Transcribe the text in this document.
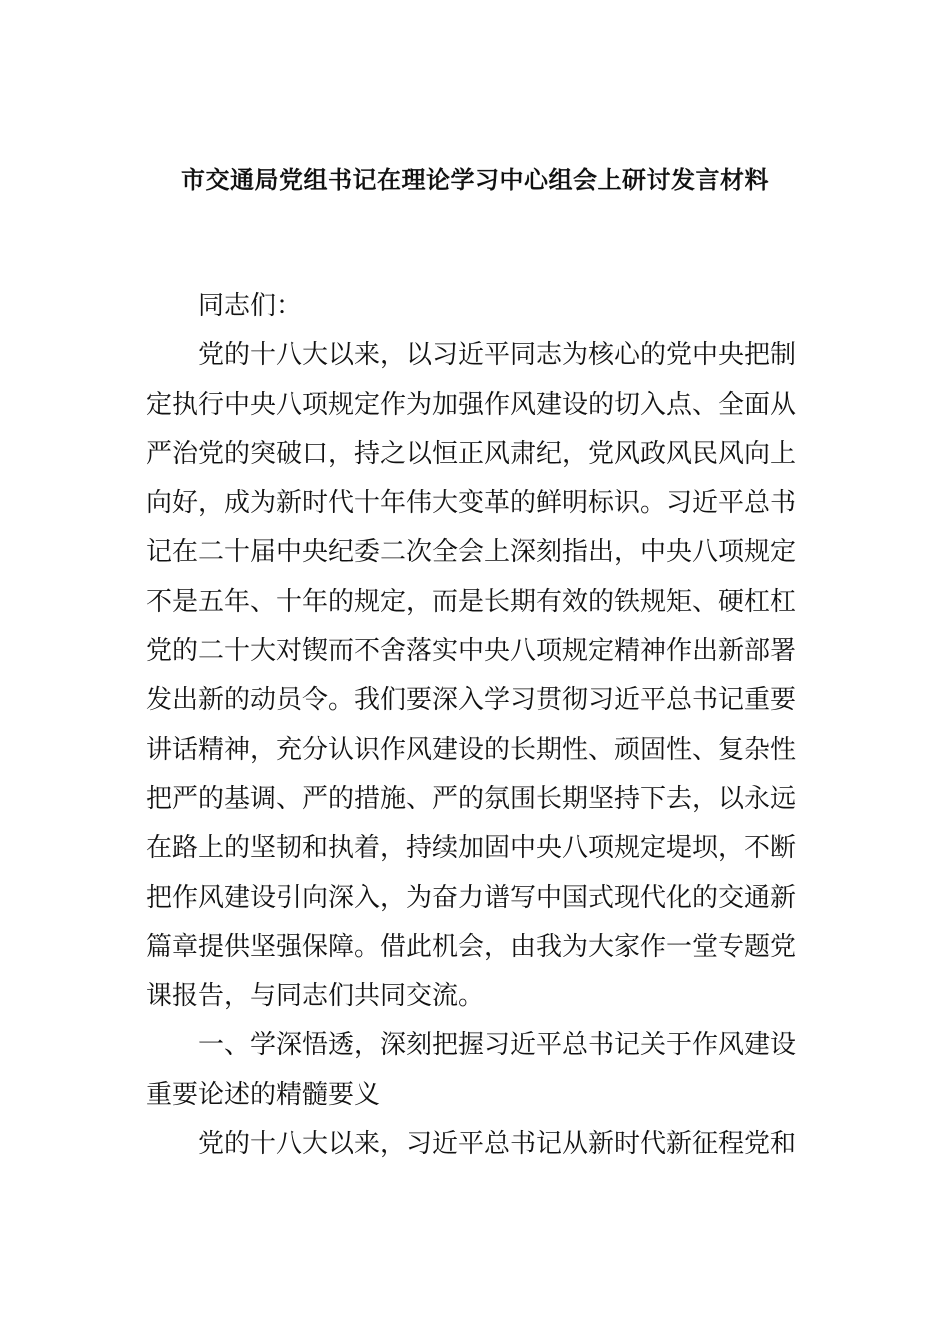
市交通局党组书记在理论学习中心组会上研讨发言材料
同志们：
党的十八大以来，以习近平同志为核心的党中央把制
定执行中央八项规定作为加强作风建设的切入点、全面从
严治党的突破口，持之以恒正风肃纪，党风政风民风向上
向好，成为新时代十年伟大变革的鲜明标识。习近平总书
记在二十届中央纪委二次全会上深刻指出，中央八项规定
不是五年、十年的规定，而是长期有效的铁规矩、硬杠杠
党的二十大对锲而不舍落实中央八项规定精神作出新部署
发出新的动员令。我们要深入学习贯彻习近平总书记重要
讲话精神，充分认识作风建设的长期性、顽固性、复杂性
把严的基调、严的措施、严的氛围长期坚持下去，以永远
在路上的坚韧和执着，持续加固中央八项规定堤坝，不断
把作风建设引向深入，为奋力谱写中国式现代化的交通新
篇章提供坚强保障。借此机会，由我为大家作一堂专题党
课报告，与同志们共同交流。
一、学深悟透，深刻把握习近平总书记关于作风建设
重要论述的精髓要义
党的十八大以来，习近平总书记从新时代新征程党和
